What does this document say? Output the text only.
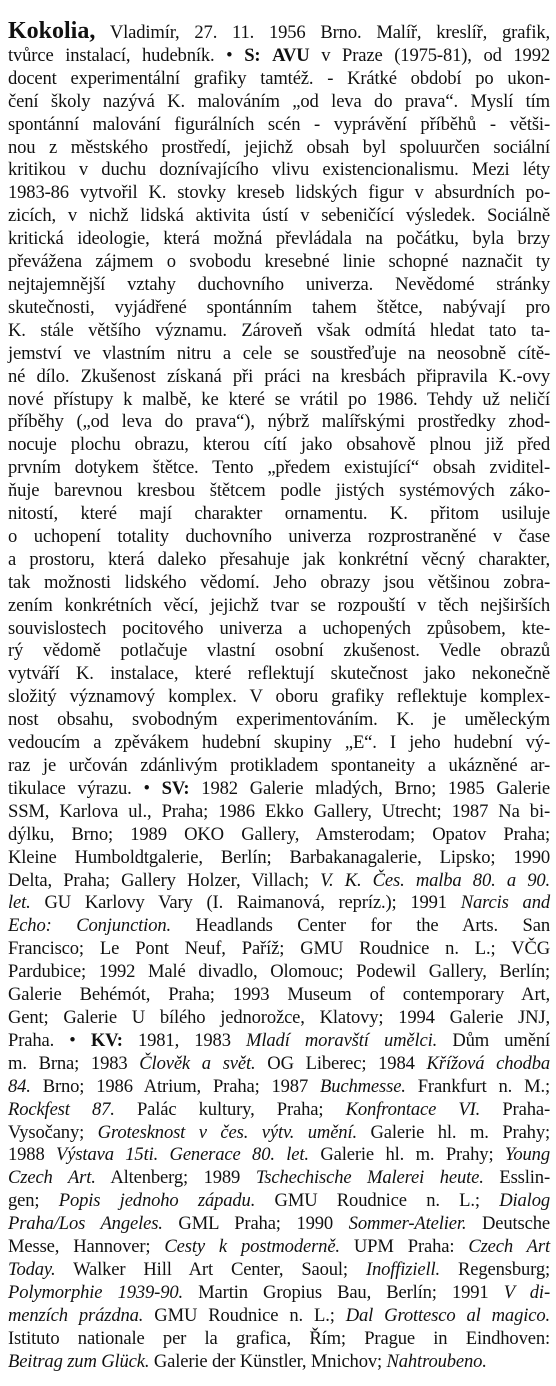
Kokolia, Vladimír, 27. 11. 1956 Brno. Malíř, kreslíř, grafik,
tvůrce instalací, hudebník. • S: AVU v Praze (1975-81), od 1992
docent experimentální grafiky tamtéž. - Krátké období po ukon-
čení školy nazývá K. malováním „od leva do prava“. Myslí tím
spontánní malování figurálních scén - vyprávění příběhů - větši-
nou z městského prostředí, jejichž obsah byl spoluurčen sociální
kritikou v duchu doznívajícího vlivu existencionalismu. Mezi léty
1983-86 vytvořil K. stovky kreseb lidských figur v absurdních po-
zicích, v nichž lidská aktivita ústí v sebeničící výsledek. Sociálně
kritická ideologie, která možná převládala na počátku, byla brzy
převážena zájmem o svobodu kresebné linie schopné naznačit ty
nejtajemnější vztahy duchovního univerza. Nevědomé stránky
skutečnosti, vyjádřené spontánním tahem štětce, nabývají pro
K. stále většího významu. Zároveň však odmítá hledat tato ta-
jemství ve vlastním nitru a cele se soustřeďuje na neosobně cítě-
né dílo. Zkušenost získaná při práci na kresbách připravila K.-ovy
nové přístupy k malbě, ke které se vrátil po 1986. Tehdy už neličí
příběhy („od leva do prava“), nýbrž malířskými prostředky zhod-
nocuje plochu obrazu, kterou cítí jako obsahově plnou již před
prvním dotykem štětce. Tento „předem existující“ obsah zviditel-
ňuje barevnou kresbou štětcem podle jistých systémových záko-
nitostí, které mají charakter ornamentu. K. přitom usiluje
o uchopení totality duchovního univerza rozprostraněné v čase
a prostoru, která daleko přesahuje jak konkrétní věcný charakter,
tak možnosti lidského vědomí. Jeho obrazy jsou většinou zobra-
zením konkrétních věcí, jejichž tvar se rozpouští v těch nejširších
souvislostech pocitového univerza a uchopených způsobem, kte-
rý vědomě potlačuje vlastní osobní zkušenost. Vedle obrazů
vytváří K. instalace, které reflektují skutečnost jako nekonečně
složitý významový komplex. V oboru grafiky reflektuje komplex-
nost obsahu, svobodným experimentováním. K. je uměleckým
vedoucím a zpěvákem hudební skupiny „E“. I jeho hudební vý-
raz je určován zdánlivým protikladem spontaneity a ukázněné ar-
tikulace výrazu. • SV: 1982 Galerie mladých, Brno; 1985 Galerie
SSM, Karlova ul., Praha; 1986 Ekko Gallery, Utrecht; 1987 Na bi-
dýlku, Brno; 1989 OKO Gallery, Amsterodam; Opatov Praha;
Kleine Humboldtgalerie, Berlín; Barbakanagalerie, Lipsko; 1990
Delta, Praha; Gallery Holzer, Villach; V. K. Čes. malba 80. a 90.
let. GU Karlovy Vary (I. Raimanová, repríz.); 1991 Narcis and
Echo: Conjunction. Headlands Center for the Arts. San
Francisco; Le Pont Neuf, Paříž; GMU Roudnice n. L.; VČG
Pardubice; 1992 Malé divadlo, Olomouc; Podewil Gallery, Berlín;
Galerie Behémót, Praha; 1993 Museum of contemporary Art,
Gent; Galerie U bílého jednorožce, Klatovy; 1994 Galerie JNJ,
Praha. • KV: 1981, 1983 Mladí moravští umělci. Dům umění
m. Brna; 1983 Člověk a svět. OG Liberec; 1984 Křížová chodba
84. Brno; 1986 Atrium, Praha; 1987 Buchmesse. Frankfurt n. M.;
Rockfest 87. Palác kultury, Praha; Konfrontace VI. Praha-
Vysočany; Grotesknost v čes. výtv. umění. Galerie hl. m. Prahy;
1988 Výstava 15ti. Generace 80. let. Galerie hl. m. Prahy; Young
Czech Art. Altenberg; 1989 Tschechische Malerei heute. Esslin-
gen; Popis jednoho západu. GMU Roudnice n. L.; Dialog
Praha/Los Angeles. GML Praha; 1990 Sommer-Atelier. Deutsche
Messe, Hannover; Cesty k postmoderně. UPM Praha: Czech Art
Today. Walker Hill Art Center, Saoul; Inoffiziell. Regensburg;
Polymorphie 1939-90. Martin Gropius Bau, Berlín; 1991 V di-
menzích prázdna. GMU Roudnice n. L.; Dal Grottesco al magico.
Istituto nationale per la grafica, Řím; Prague in Eindhoven:
Beitrag zum Glück. Galerie der Künstler, Mnichov; Nahtroubeno.
